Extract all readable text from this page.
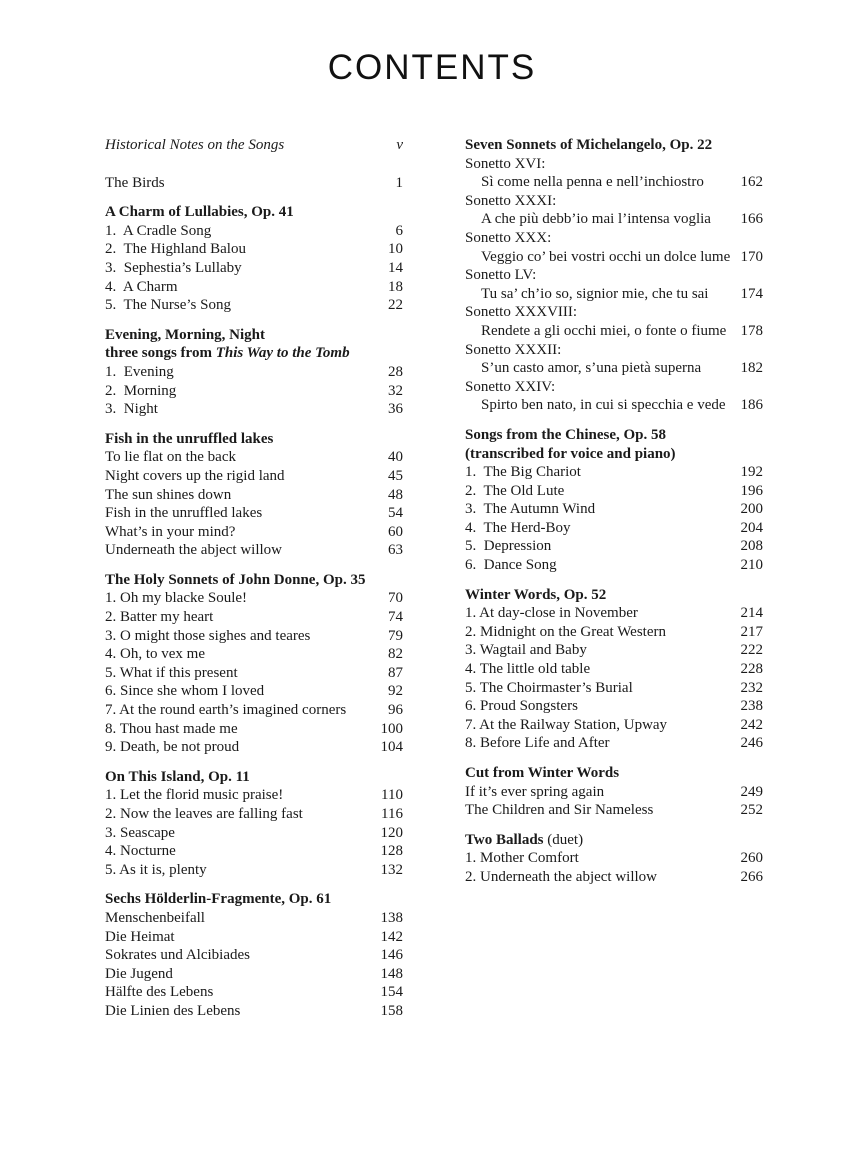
CONTENTS
Historical Notes on the Songs	v
The Birds	1
A Charm of Lullabies, Op. 41
1.  A Cradle Song	6
2.  The Highland Balou	10
3.  Sephestia’s Lullaby	14
4.  A Charm	18
5.  The Nurse’s Song	22
Evening, Morning, Night
three songs from This Way to the Tomb
1.  Evening	28
2.  Morning	32
3.  Night	36
Fish in the unruffled lakes
To lie flat on the back	40
Night covers up the rigid land	45
The sun shines down	48
Fish in the unruffled lakes	54
What’s in your mind?	60
Underneath the abject willow	63
The Holy Sonnets of John Donne, Op. 35
1. Oh my blacke Soule!	70
2. Batter my heart	74
3. O might those sighes and teares	79
4. Oh, to vex me	82
5. What if this present	87
6. Since she whom I loved	92
7. At the round earth’s imagined corners	96
8. Thou hast made me	100
9. Death, be not proud	104
On This Island, Op. 11
1. Let the florid music praise!	110
2. Now the leaves are falling fast	116
3. Seascape	120
4. Nocturne	128
5. As it is, plenty	132
Sechs Hölderlin-Fragmente, Op. 61
Menschenbeifall	138
Die Heimat	142
Sokrates und Alcibiades	146
Die Jugend	148
Hälfte des Lebens	154
Die Linien des Lebens	158
Seven Sonnets of Michelangelo, Op. 22
Sonetto XVI:
Sì come nella penna e nell’inchiostro	162
Sonetto XXXI:
A che più debb’io mai l’intensa voglia	166
Sonetto XXX:
Veggio co’ bei vostri occhi un dolce lume 170
Sonetto LV:
Tu sa’ ch’io so, signior mie, che tu sai	174
Sonetto XXXVIII:
Rendete a gli occhi miei, o fonte o fiume 178
Sonetto XXXII:
S’un casto amor, s’una pietà superna	182
Sonetto XXIV:
Spirto ben nato, in cui si specchia e vede 186
Songs from the Chinese, Op. 58
(transcribed for voice and piano)
1.  The Big Chariot	192
2.  The Old Lute	196
3.  The Autumn Wind	200
4.  The Herd-Boy	204
5.  Depression	208
6.  Dance Song	210
Winter Words, Op. 52
1. At day-close in November	214
2. Midnight on the Great Western	217
3. Wagtail and Baby	222
4. The little old table	228
5. The Choirmaster’s Burial	232
6. Proud Songsters	238
7. At the Railway Station, Upway	242
8. Before Life and After	246
Cut from Winter Words
If it’s ever spring again	249
The Children and Sir Nameless	252
Two Ballads (duet)
1. Mother Comfort	260
2. Underneath the abject willow	266
